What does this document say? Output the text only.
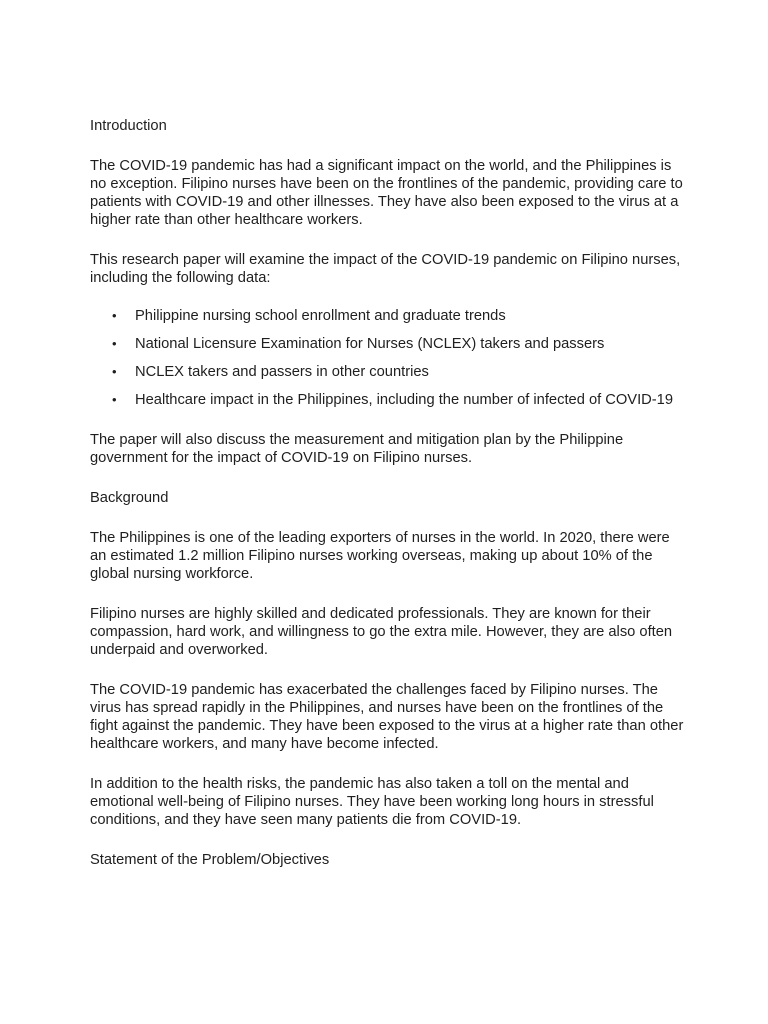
Introduction

The COVID-19 pandemic has had a significant impact on the world, and the Philippines is no exception. Filipino nurses have been on the frontlines of the pandemic, providing care to patients with COVID-19 and other illnesses. They have also been exposed to the virus at a higher rate than other healthcare workers.

This research paper will examine the impact of the COVID-19 pandemic on Filipino nurses, including the following data:

• Philippine nursing school enrollment and graduate trends
• National Licensure Examination for Nurses (NCLEX) takers and passers
• NCLEX takers and passers in other countries
• Healthcare impact in the Philippines, including the number of infected of COVID-19

The paper will also discuss the measurement and mitigation plan by the Philippine government for the impact of COVID-19 on Filipino nurses.

Background

The Philippines is one of the leading exporters of nurses in the world. In 2020, there were an estimated 1.2 million Filipino nurses working overseas, making up about 10% of the global nursing workforce.

Filipino nurses are highly skilled and dedicated professionals. They are known for their compassion, hard work, and willingness to go the extra mile. However, they are also often underpaid and overworked.

The COVID-19 pandemic has exacerbated the challenges faced by Filipino nurses. The virus has spread rapidly in the Philippines, and nurses have been on the frontlines of the fight against the pandemic. They have been exposed to the virus at a higher rate than other healthcare workers, and many have become infected.

In addition to the health risks, the pandemic has also taken a toll on the mental and emotional well-being of Filipino nurses. They have been working long hours in stressful conditions, and they have seen many patients die from COVID-19.

Statement of the Problem/Objectives
